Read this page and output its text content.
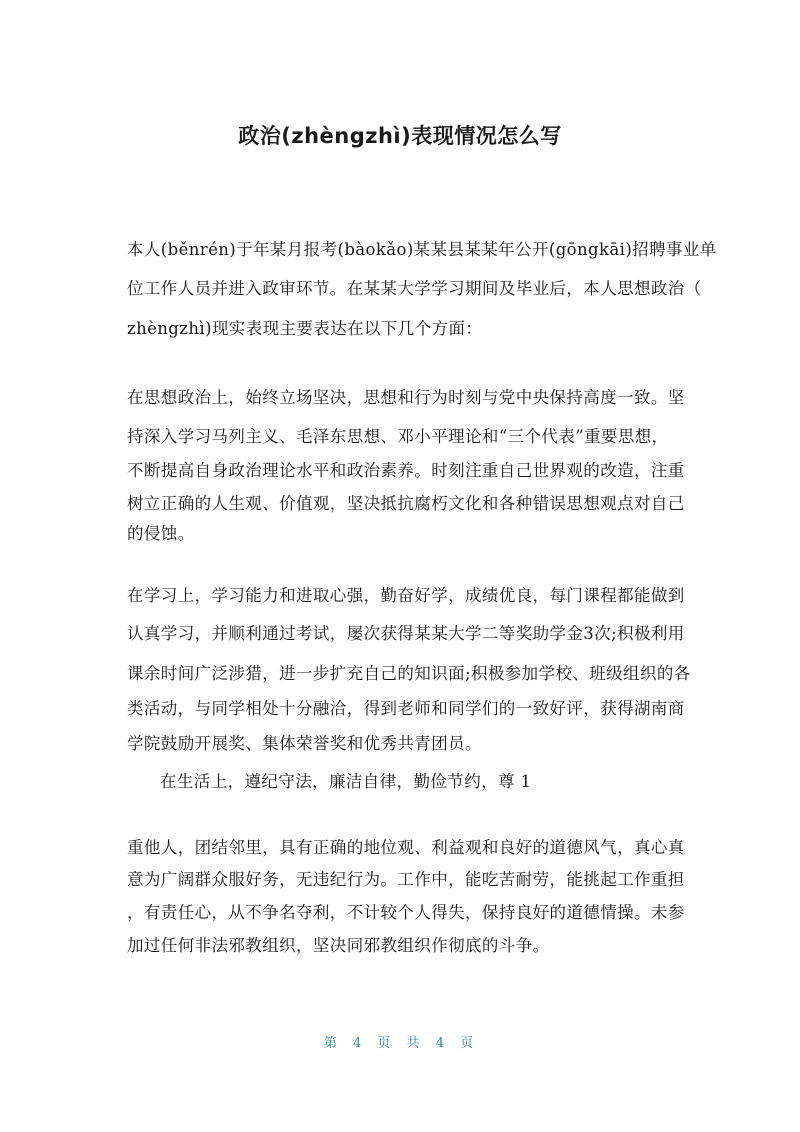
政治(zhèngzhì)表现情况怎么写
本人(běnrén)于年某月报考(bàokǎo)某某县某某年公开(gōngkāi)招聘事业单
位工作人员并进入政审环节。在某某大学学习期间及毕业后，本人思想政治（
zhèngzhì)现实表现主要表达在以下几个方面：
在思想政治上，始终立场坚决，思想和行为时刻与党中央保持高度一致。坚
持深入学习马列主义、毛泽东思想、邓小平理论和“三个代表”重要思想，
不断提高自身政治理论水平和政治素养。时刻注重自己世界观的改造，注重
树立正确的人生观、价值观，坚决抵抗腐朽文化和各种错误思想观点对自己
的侵蚀。
在学习上，学习能力和进取心强，勤奋好学，成绩优良，每门课程都能做到
认真学习，并顺利通过考试，屡次获得某某大学二等奖助学金3次;积极利用
课余时间广泛涉猎，进一步扩充自己的知识面;积极参加学校、班级组织的各
类活动，与同学相处十分融洽，得到老师和同学们的一致好评，获得湖南商
学院鼓励开展奖、集体荣誉奖和优秀共青团员。
在生活上，遵纪守法，廉洁自律，勤俭节约，尊 1
重他人，团结邻里，具有正确的地位观、利益观和良好的道德风气，真心真
意为广阔群众服好务，无违纪行为。工作中，能吃苦耐劳，能挑起工作重担
，有责任心，从不争名夺利，不计较个人得失，保持良好的道德情操。未参
加过任何非法邪教组织，坚决同邪教组织作彻底的斗争。
第 4 页 共 4 页
